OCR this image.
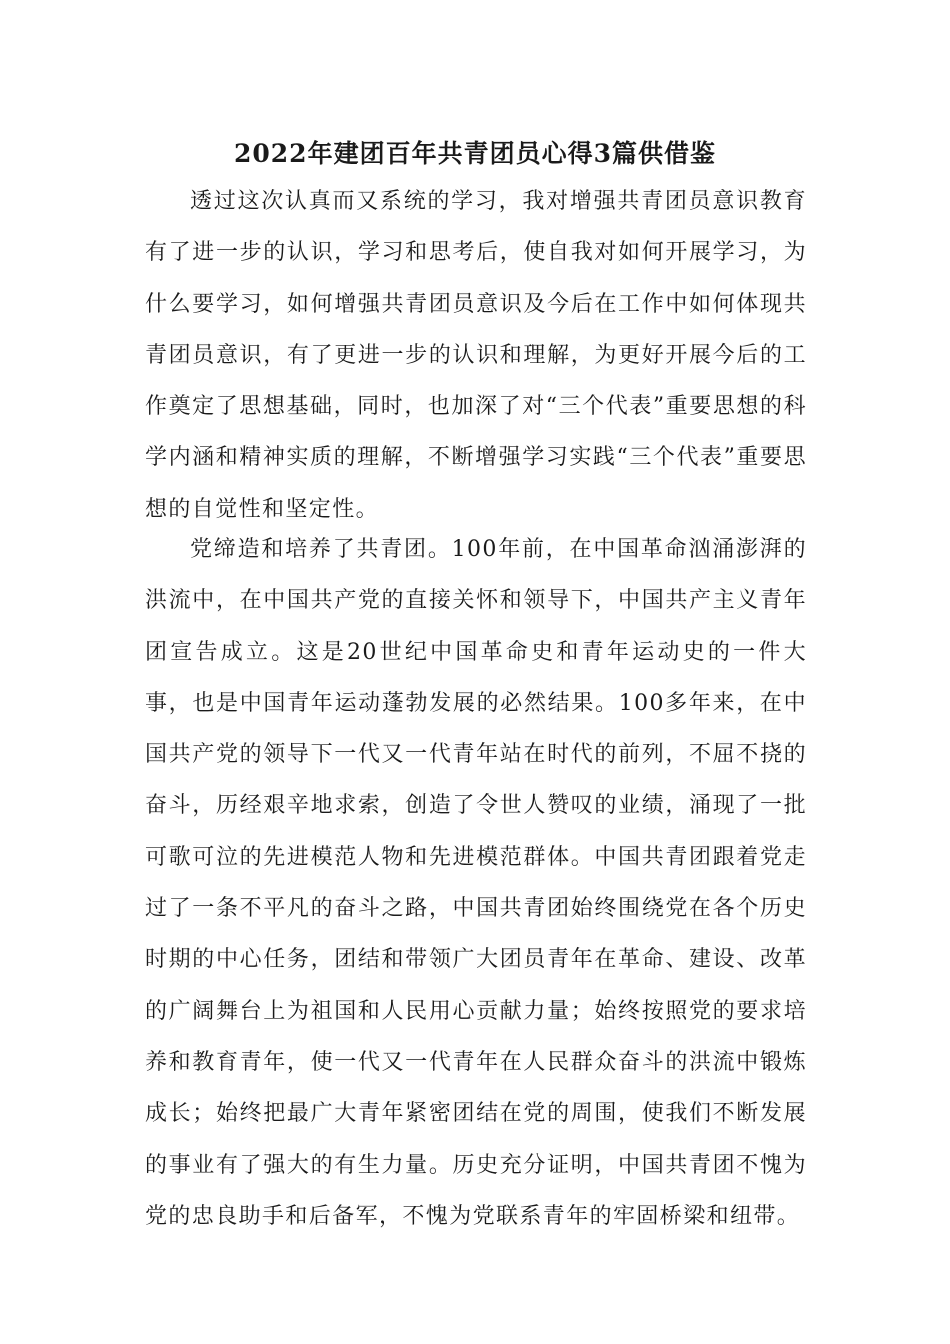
2022年建团百年共青团员心得3篇供借鉴

透过这次认真而又系统的学习，我对增强共青团员意识教育有了进一步的认识，学习和思考后，使自我对如何开展学习，为什么要学习，如何增强共青团员意识及今后在工作中如何体现共青团员意识，有了更进一步的认识和理解，为更好开展今后的工作奠定了思想基础，同时，也加深了对“三个代表”重要思想的科学内涵和精神实质的理解，不断增强学习实践“三个代表”重要思想的自觉性和坚定性。

党缔造和培养了共青团。100年前，在中国革命汹涌澎湃的洪流中，在中国共产党的直接关怀和领导下，中国共产主义青年团宣告成立。这是20世纪中国革命史和青年运动史的一件大事，也是中国青年运动蓬勃发展的必然结果。100多年来，在中国共产党的领导下一代又一代青年站在时代的前列，不屈不挠的奋斗，历经艰辛地求索，创造了令世人赞叹的业绩，涌现了一批可歌可泣的先进模范人物和先进模范群体。中国共青团跟着党走过了一条不平凡的奋斗之路，中国共青团始终围绕党在各个历史时期的中心任务，团结和带领广大团员青年在革命、建设、改革的广阔舞台上为祖国和人民用心贡献力量；始终按照党的要求培养和教育青年，使一代又一代青年在人民群众奋斗的洪流中锻炼成长；始终把最广大青年紧密团结在党的周围，使我们不断发展的事业有了强大的有生力量。历史充分证明，中国共青团不愧为党的忠良助手和后备军，不愧为党联系青年的牢固桥梁和纽带。
